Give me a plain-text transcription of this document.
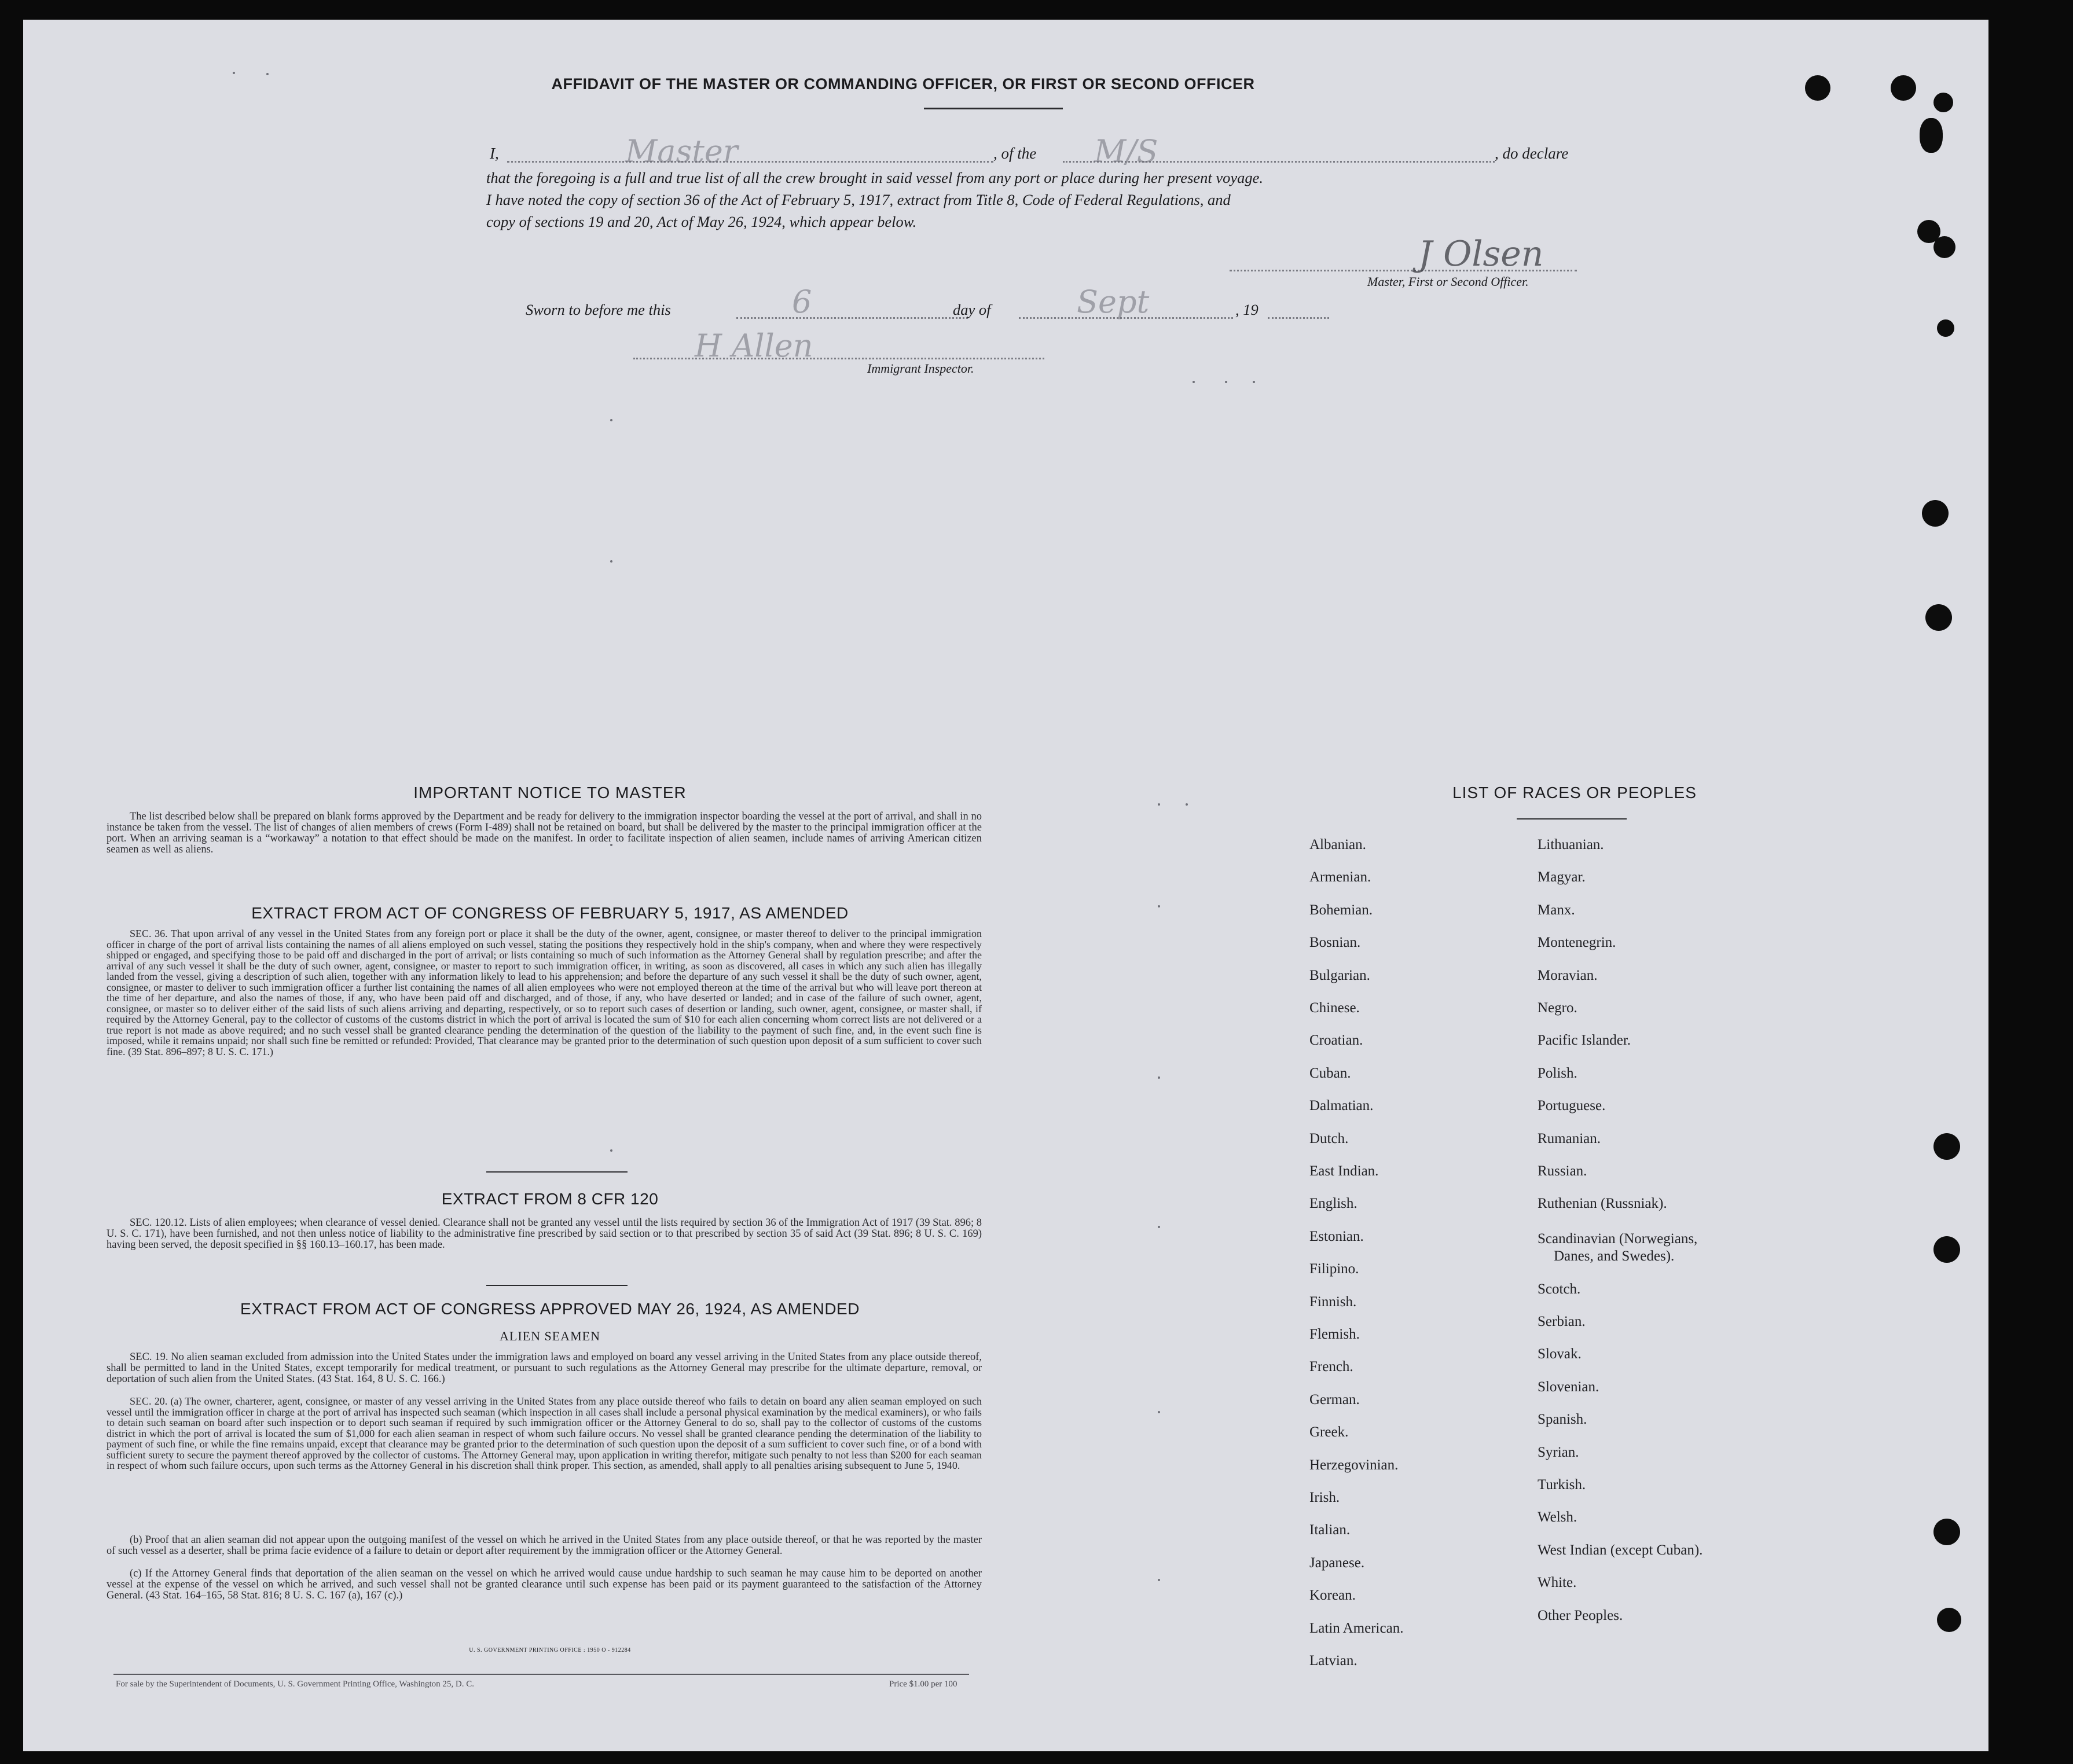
AFFIDAVIT OF THE MASTER OR COMMANDING OFFICER, OR FIRST OR SECOND OFFICER
I,	Master	, of the M/S	, do declare
that the foregoing is a full and true list of all the crew brought in said vessel from any port or place during her present voyage.
I have noted the copy of section 36 of the Act of February 5, 1917, extract from Title 8, Code of Federal Regulations, and
copy of sections 19 and 20, Act of May 26, 1924, which appear below.
J Olsen
Master, First or Second Officer.
Sworn to before me this	6	day of	Sept	, 19
H Allen
Immigrant Inspector.
IMPORTANT NOTICE TO MASTER
The list described below shall be prepared on blank forms approved by the Department and be ready for delivery to the immigration inspector boarding the vessel at the port of arrival, and shall in no instance be taken from the vessel. The list of changes of alien members of crews (Form I-489) shall not be retained on board, but shall be delivered by the master to the principal immigration officer at the port. When an arriving seaman is a “workaway” a notation to that effect should be made on the manifest. In order to facilitate inspection of alien seamen, include names of arriving American citizen seamen as well as aliens.
EXTRACT FROM ACT OF CONGRESS OF FEBRUARY 5, 1917, AS AMENDED
SEC. 36. That upon arrival of any vessel in the United States from any foreign port or place it shall be the duty of the owner, agent, consignee, or master thereof to deliver to the principal immigration officer in charge of the port of arrival lists containing the names of all aliens employed on such vessel, stating the positions they respectively hold in the ship's company, when and where they were respectively shipped or engaged, and specifying those to be paid off and discharged in the port of arrival; or lists containing so much of such information as the Attorney General shall by regulation prescribe; and after the arrival of any such vessel it shall be the duty of such owner, agent, consignee, or master to report to such immigration officer, in writing, as soon as discovered, all cases in which any such alien has illegally landed from the vessel, giving a description of such alien, together with any information likely to lead to his apprehension; and before the departure of any such vessel it shall be the duty of such owner, agent, consignee, or master to deliver to such immigration officer a further list containing the names of all alien employees who were not employed thereon at the time of the arrival but who will leave port thereon at the time of her departure, and also the names of those, if any, who have been paid off and discharged, and of those, if any, who have deserted or landed; and in case of the failure of such owner, agent, consignee, or master so to deliver either of the said lists of such aliens arriving and departing, respectively, or so to report such cases of desertion or landing, such owner, agent, consignee, or master shall, if required by the Attorney General, pay to the collector of customs of the customs district in which the port of arrival is located the sum of $10 for each alien concerning whom correct lists are not delivered or a true report is not made as above required; and no such vessel shall be granted clearance pending the determination of the question of the liability to the payment of such fine, and, in the event such fine is imposed, while it remains unpaid; nor shall such fine be remitted or refunded: Provided, That clearance may be granted prior to the determination of such question upon deposit of a sum sufficient to cover such fine. (39 Stat. 896–897; 8 U. S. C. 171.)
EXTRACT FROM 8 CFR 120
SEC. 120.12. Lists of alien employees; when clearance of vessel denied. Clearance shall not be granted any vessel until the lists required by section 36 of the Immigration Act of 1917 (39 Stat. 896; 8 U. S. C. 171), have been furnished, and not then unless notice of liability to the administrative fine prescribed by said section or to that prescribed by section 35 of said Act (39 Stat. 896; 8 U. S. C. 169) having been served, the deposit specified in §§ 160.13–160.17, has been made.
EXTRACT FROM ACT OF CONGRESS APPROVED MAY 26, 1924, AS AMENDED
ALIEN SEAMEN
SEC. 19. No alien seaman excluded from admission into the United States under the immigration laws and employed on board any vessel arriving in the United States from any place outside thereof, shall be permitted to land in the United States, except temporarily for medical treatment, or pursuant to such regulations as the Attorney General may prescribe for the ultimate departure, removal, or deportation of such alien from the United States. (43 Stat. 164, 8 U. S. C. 166.)
SEC. 20. (a) The owner, charterer, agent, consignee, or master of any vessel arriving in the United States from any place outside thereof who fails to detain on board any alien seaman employed on such vessel until the immigration officer in charge at the port of arrival has inspected such seaman (which inspection in all cases shall include a personal physical examination by the medical examiners), or who fails to detain such seaman on board after such inspection or to deport such seaman if required by such immigration officer or the Attorney General to do so, shall pay to the collector of customs of the customs district in which the port of arrival is located the sum of $1,000 for each alien seaman in respect of whom such failure occurs. No vessel shall be granted clearance pending the determination of the liability to payment of such fine, or while the fine remains unpaid, except that clearance may be granted prior to the determination of such question upon the deposit of a sum sufficient to cover such fine, or of a bond with sufficient surety to secure the payment thereof approved by the collector of customs. The Attorney General may, upon application in writing therefor, mitigate such penalty to not less than $200 for each seaman in respect of whom such failure occurs, upon such terms as the Attorney General in his discretion shall think proper. This section, as amended, shall apply to all penalties arising subsequent to June 5, 1940.
(b) Proof that an alien seaman did not appear upon the outgoing manifest of the vessel on which he arrived in the United States from any place outside thereof, or that he was reported by the master of such vessel as a deserter, shall be prima facie evidence of a failure to detain or deport after requirement by the immigration officer or the Attorney General.
(c) If the Attorney General finds that deportation of the alien seaman on the vessel on which he arrived would cause undue hardship to such seaman he may cause him to be deported on another vessel at the expense of the vessel on which he arrived, and such vessel shall not be granted clearance until such expense has been paid or its payment guaranteed to the satisfaction of the Attorney General. (43 Stat. 164–165, 58 Stat. 816; 8 U. S. C. 167 (a), 167 (c).)
U. S. GOVERNMENT PRINTING OFFICE : 1950 O - 912284
For sale by the Superintendent of Documents, U. S. Government Printing Office, Washington 25, D. C.	Price $1.00 per 100
LIST OF RACES OR PEOPLES
Albanian.
Armenian.
Bohemian.
Bosnian.
Bulgarian.
Chinese.
Croatian.
Cuban.
Dalmatian.
Dutch.
East Indian.
English.
Estonian.
Filipino.
Finnish.
Flemish.
French.
German.
Greek.
Herzegovinian.
Irish.
Italian.
Japanese.
Korean.
Latin American.
Latvian.
Lithuanian.
Magyar.
Manx.
Montenegrin.
Moravian.
Negro.
Pacific Islander.
Polish.
Portuguese.
Rumanian.
Russian.
Ruthenian (Russniak).
Scandinavian (Norwegians,
Danes, and Swedes).
Scotch.
Serbian.
Slovak.
Slovenian.
Spanish.
Syrian.
Turkish.
Welsh.
West Indian (except Cuban).
White.
Other Peoples.
